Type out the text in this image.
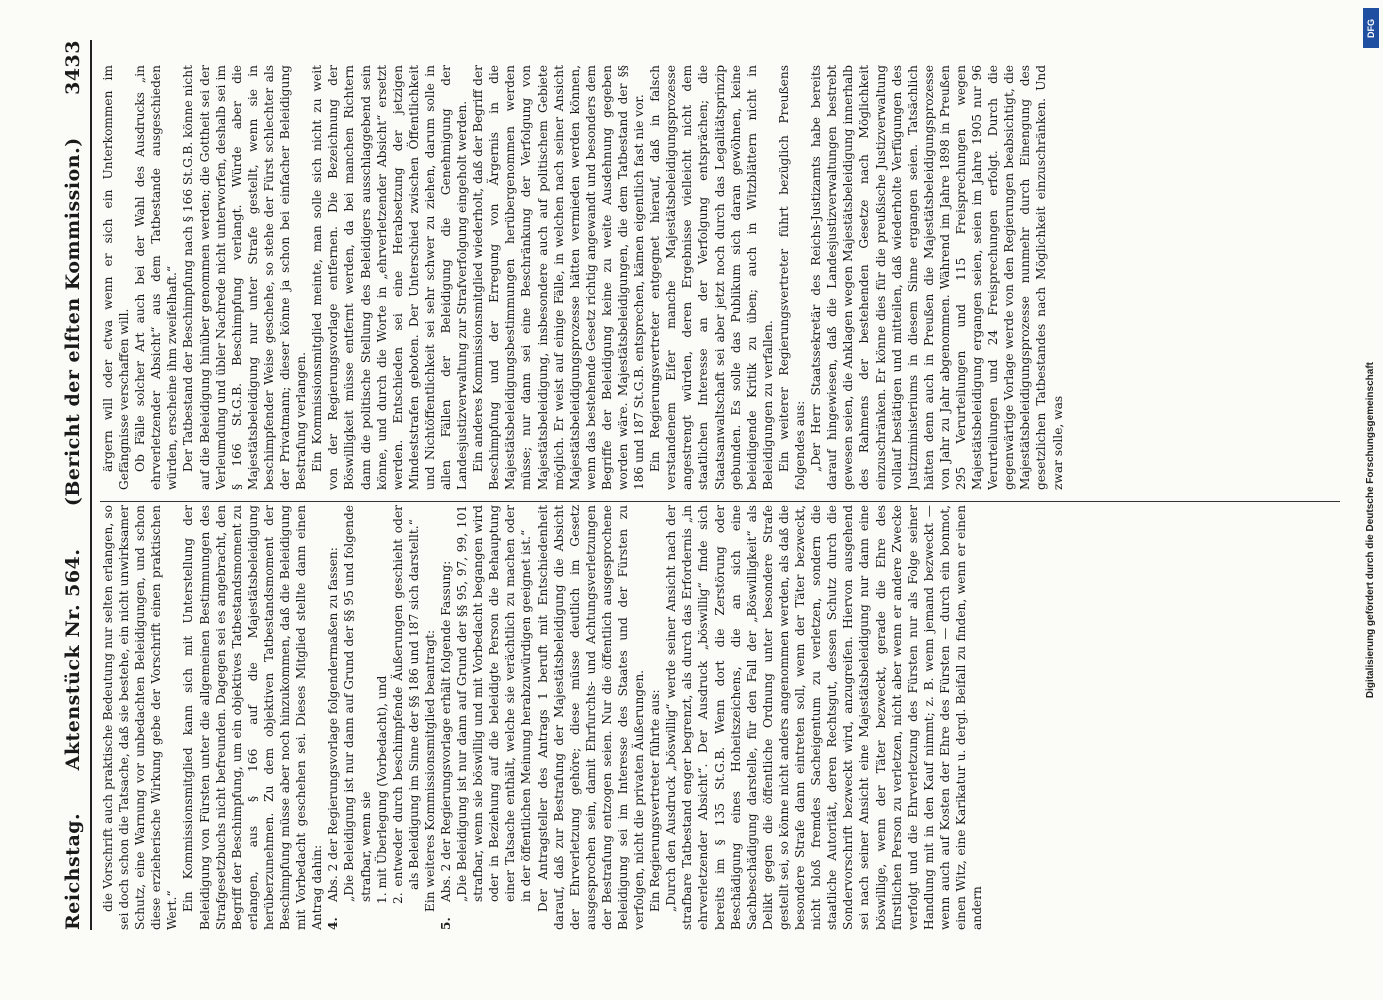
Reichstag.
Aktenstück Nr. 564.
(Bericht der elften Kommission.)
3433

die Vorschrift auch praktische Bedeutung nur selten erlangen, so sei doch schon die Tatsache, daß sie bestehe, ein nicht unwirksamer Schutz, eine Warnung vor unbedachten Beleidigungen, und schon diese erzieherische Wirkung gebe der Vorschrift einen praktischen Wert.“ Ein Kommissionsmitglied kann sich mit Unterstellung der Beleidigung von Fürsten unter die allgemeinen Bestimmungen des Strafgesetzbuchs nicht befreunden. Dagegen sei es angebracht, den Begriff der Beschimpfung, um ein objektives Tatbestandsmoment zu erlangen, aus § 166 auf die Majestätsbeleidigung herüberzunehmen. Zu dem objektiven Tatbestandsmoment der Beschimpfung müsse aber noch hinzukommen, daß die Beleidigung mit Vorbedacht geschehen sei. Dieses Mitglied stellte dann einen Antrag dahin: 4.
Abs. 2 der Regierungsvorlage folgendermaßen zu fassen: „Die Beleidigung ist nur dann auf Grund der §§ 95 und folgende strafbar, wenn sie 1. mit Überlegung (Vorbedacht), und 2. entweder durch beschimpfende Äußerungen geschieht oder als Beleidigung im Sinne der §§ 186 und 187 sich darstellt.“ Ein weiteres Kommissionsmitglied beantragt:

5.
Abs. 2 der Regierungsvorlage erhält folgende Fassung: „Die Beleidigung ist nur dann auf Grund der §§ 95, 97, 99, 101 strafbar, wenn sie böswillig und mit Vorbedacht begangen wird oder in Beziehung auf die beleidigte Person die Behauptung einer Tatsache enthält, welche sie verächtlich zu machen oder in der öffentlichen Meinung herabzuwürdigen geeignet ist.“ Der Antragsteller des Antrags 1 beruft mit Entschiedenheit darauf, daß zur Bestrafung der Majestätsbeleidigung die Absicht der Ehrverletzung gehöre; diese müsse deutlich im Gesetz ausgesprochen sein, damit Ehrfurchts- und Achtungsverletzungen der Bestrafung entzogen seien. Nur die öffentlich ausgesprochene Beleidigung sei im Interesse des Staates und der Fürsten zu verfolgen, nicht die privaten Äußerungen. Ein Regierungsvertreter führte aus: „Durch den Ausdruck „böswillig“ werde seiner Ansicht nach der strafbare Tatbestand enger begrenzt, als durch das Erfordernis „in ehrverletzender Absicht“. Der Ausdruck „böswillig“ finde sich bereits im § 135 St.G.B. Wenn dort die Zerstörung oder Beschädigung eines Hoheitszeichens, die an sich eine Sachbeschädigung darstelle, für den Fall der „Böswilligkeit“ als Delikt gegen die öffentliche Ordnung unter besondere Strafe gestellt sei, so könne nicht anders angenommen werden, als daß die besondere Strafe dann eintreten soll, wenn der Täter bezweckt, nicht bloß fremdes Sacheigentum zu verletzen, sondern die staatliche Autorität, deren Rechtsgut, dessen Schutz durch die Sondervorschrift bezweckt wird, anzugreifen. Hiervon ausgehend sei nach seiner Ansicht eine Majestätsbeleidigung nur dann eine böswillige, wenn der Täter bezweckt, gerade die Ehre des fürstlichen Person zu verletzen, nicht aber wenn er andere Zwecke verfolgt und die Ehrverletzung des Fürsten nur als Folge seiner Handlung mit in den Kauf nimmt; z. B. wenn jemand bezweckt — wenn auch auf Kosten der Ehre des Fürsten — durch ein bonmot, einen Witz, eine Karikatur u. dergl. Beifall zu finden, wenn er einen andern

ärgern will oder etwa wenn er sich ein Unterkommen im Gefängnisse verschaffen will. Ob Fälle solcher Art auch bei der Wahl des Ausdrucks „in ehrverletzender Absicht“ aus dem Tatbestande ausgeschieden würden, erscheine ihm zweifelhaft.“ Der Tatbestand der Beschimpfung nach § 166 St.G.B. könne nicht auf die Beleidigung hinüber genommen werden; die Gottheit sei der Verleumdung und übler Nachrede nicht unterworfen, deshalb sei im § 166 St.G.B. Beschimpfung verlangt. Würde aber die Majestätsbeleidigung nur unter Strafe gestellt, wenn sie in beschimpfender Weise geschehe, so stehe der Fürst schlechter als der Privatmann; dieser könne ja schon bei einfacher Beleidigung Bestrafung verlangen. Ein Kommissionsmitglied meinte, man solle sich nicht zu weit von der Regierungsvorlage entfernen. Die Bezeichnung der Böswilligkeit müsse entfernt werden, da bei manchen Richtern dann die politische Stellung des Beleidigers ausschlaggebend sein könne, und durch die Worte in „ehrverletzender Absicht“ ersetzt werden. Entschieden sei eine Herabsetzung der jetzigen Mindeststrafen geboten. Der Unterschied zwischen Öffentlichkeit und Nichtöffentlichkeit sei sehr schwer zu ziehen, darum solle in allen Fällen der Beleidigung die Genehmigung der Landesjustizverwaltung zur Strafverfolgung eingeholt werden. Ein anderes Kommissionsmitglied wiederholt, daß der Begriff der Beschimpfung und der Erregung von Ärgernis in die Majestätsbeleidigungsbestimmungen herübergenommen werden müsse; nur dann sei eine Beschränkung der Verfolgung von Majestätsbeleidigung, insbesondere auch auf politischem Gebiete möglich. Er weist auf einige Fälle, in welchen nach seiner Ansicht Majestätsbeleidigungsprozesse hätten vermieden werden können, wenn das bestehende Gesetz richtig angewandt und besonders dem Begriffe der Beleidigung keine zu weite Ausdehnung gegeben worden wäre. Majestätsbeleidigungen, die dem Tatbestand der §§ 186 und 187 St.G.B. entsprechen, kämen eigentlich fast nie vor. Ein Regierungsvertreter entgegnet hierauf, daß in falsch verstandenem Eifer manche Majestätsbeleidigungsprozesse angestrengt würden, deren Ergebnisse vielleicht nicht dem staatlichen Interesse an der Verfolgung entsprächen; die Staatsanwaltschaft sei aber jetzt noch durch das Legalitätsprinzip gebunden. Es solle das Publikum sich daran gewöhnen, keine beleidigende Kritik zu üben; auch in Witzblättern nicht in Beleidigungen zu verfallen. Ein weiterer Regierungsvertreter führt bezüglich Preußens folgendes aus: „Der Herr Staatssekretär des Reichs-Justizamts habe bereits darauf hingewiesen, daß die Landesjustizverwaltungen bestrebt gewesen seien, die Anklagen wegen Majestätsbeleidigung innerhalb des Rahmens der bestehenden Gesetze nach Möglichkeit einzuschränken. Er könne dies für die preußische Justizverwaltung vollauf bestätigen und mitteilen, daß wiederholte Verfügungen des Justizministeriums in diesem Sinne ergangen seien. Tatsächlich hätten denn auch in Preußen die Majestätsbeleidigungsprozesse von Jahr zu Jahr abgenommen. Während im Jahre 1898 in Preußen 295 Verurteilungen und 115 Freisprechungen wegen Majestätsbeleidigung ergangen seien, seien im Jahre 1905 nur 96 Verurteilungen und 24 Freisprechungen erfolgt. Durch die gegenwärtige Vorlage werde von den Regierungen beabsichtigt, die Majestätsbeleidigungsprozesse nunmehr durch Einengung des gesetzlichen Tatbestandes nach Möglichkeit einzuschränken. Und zwar solle, was	Digitalisierung gefördert durch die Deutsche Forschungsgemeinschaft
DFG
